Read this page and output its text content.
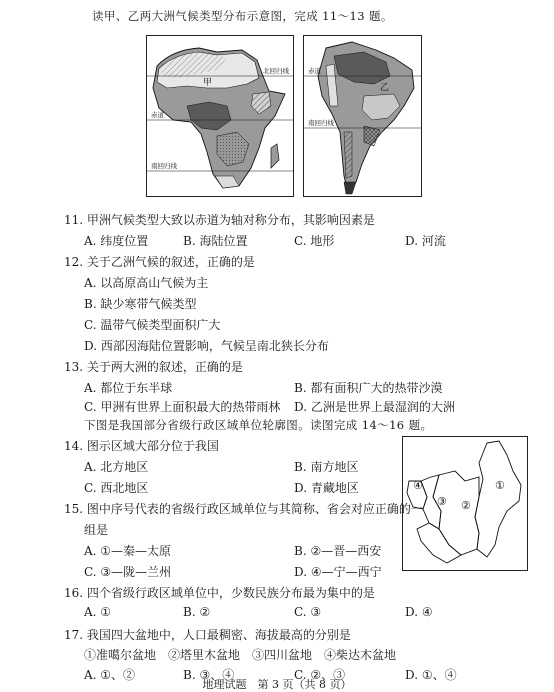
读甲、乙两大洲气候类型分布示意图，完成 11～13 题。
北回归线
赤道
南回归线
甲
赤道
南回归线
乙
11. 甲洲气候类型大致以赤道为轴对称分布，其影响因素是
A. 纬度位置	B. 海陆位置	C. 地形	D. 河流
12. 关于乙洲气候的叙述，正确的是
A. 以高原高山气候为主
B. 缺少寒带气候类型
C. 温带气候类型面积广大
D. 西部因海陆位置影响，气候呈南北狭长分布
13. 关于两大洲的叙述，正确的是
A. 都位于东半球	B. 都有面积广大的热带沙漠
C. 甲洲有世界上面积最大的热带雨林 D. 乙洲是世界上最湿润的大洲
下图是我国部分省级行政区域单位轮廓图。读图完成 14～16 题。
①
②
③
④
14. 图示区域大部分位于我国
A. 北方地区	B. 南方地区
C. 西北地区	D. 青藏地区
15. 图中序号代表的省级行政区域单位与其简称、省会对应正确的一
组是
A. ①—秦—太原	B. ②—晋—西安
C. ③—陇—兰州	D. ④—宁—西宁
16. 四个省级行政区域单位中，少数民族分布最为集中的是
A. ①	B. ②	C. ③	D. ④
17. 我国四大盆地中，人口最稠密、海拔最高的分别是
①准噶尔盆地　②塔里木盆地　③四川盆地　④柴达木盆地
A. ①、②	B. ③、④	C. ②、③	D. ①、④
地理试题　第 3 页（共 8 页）
